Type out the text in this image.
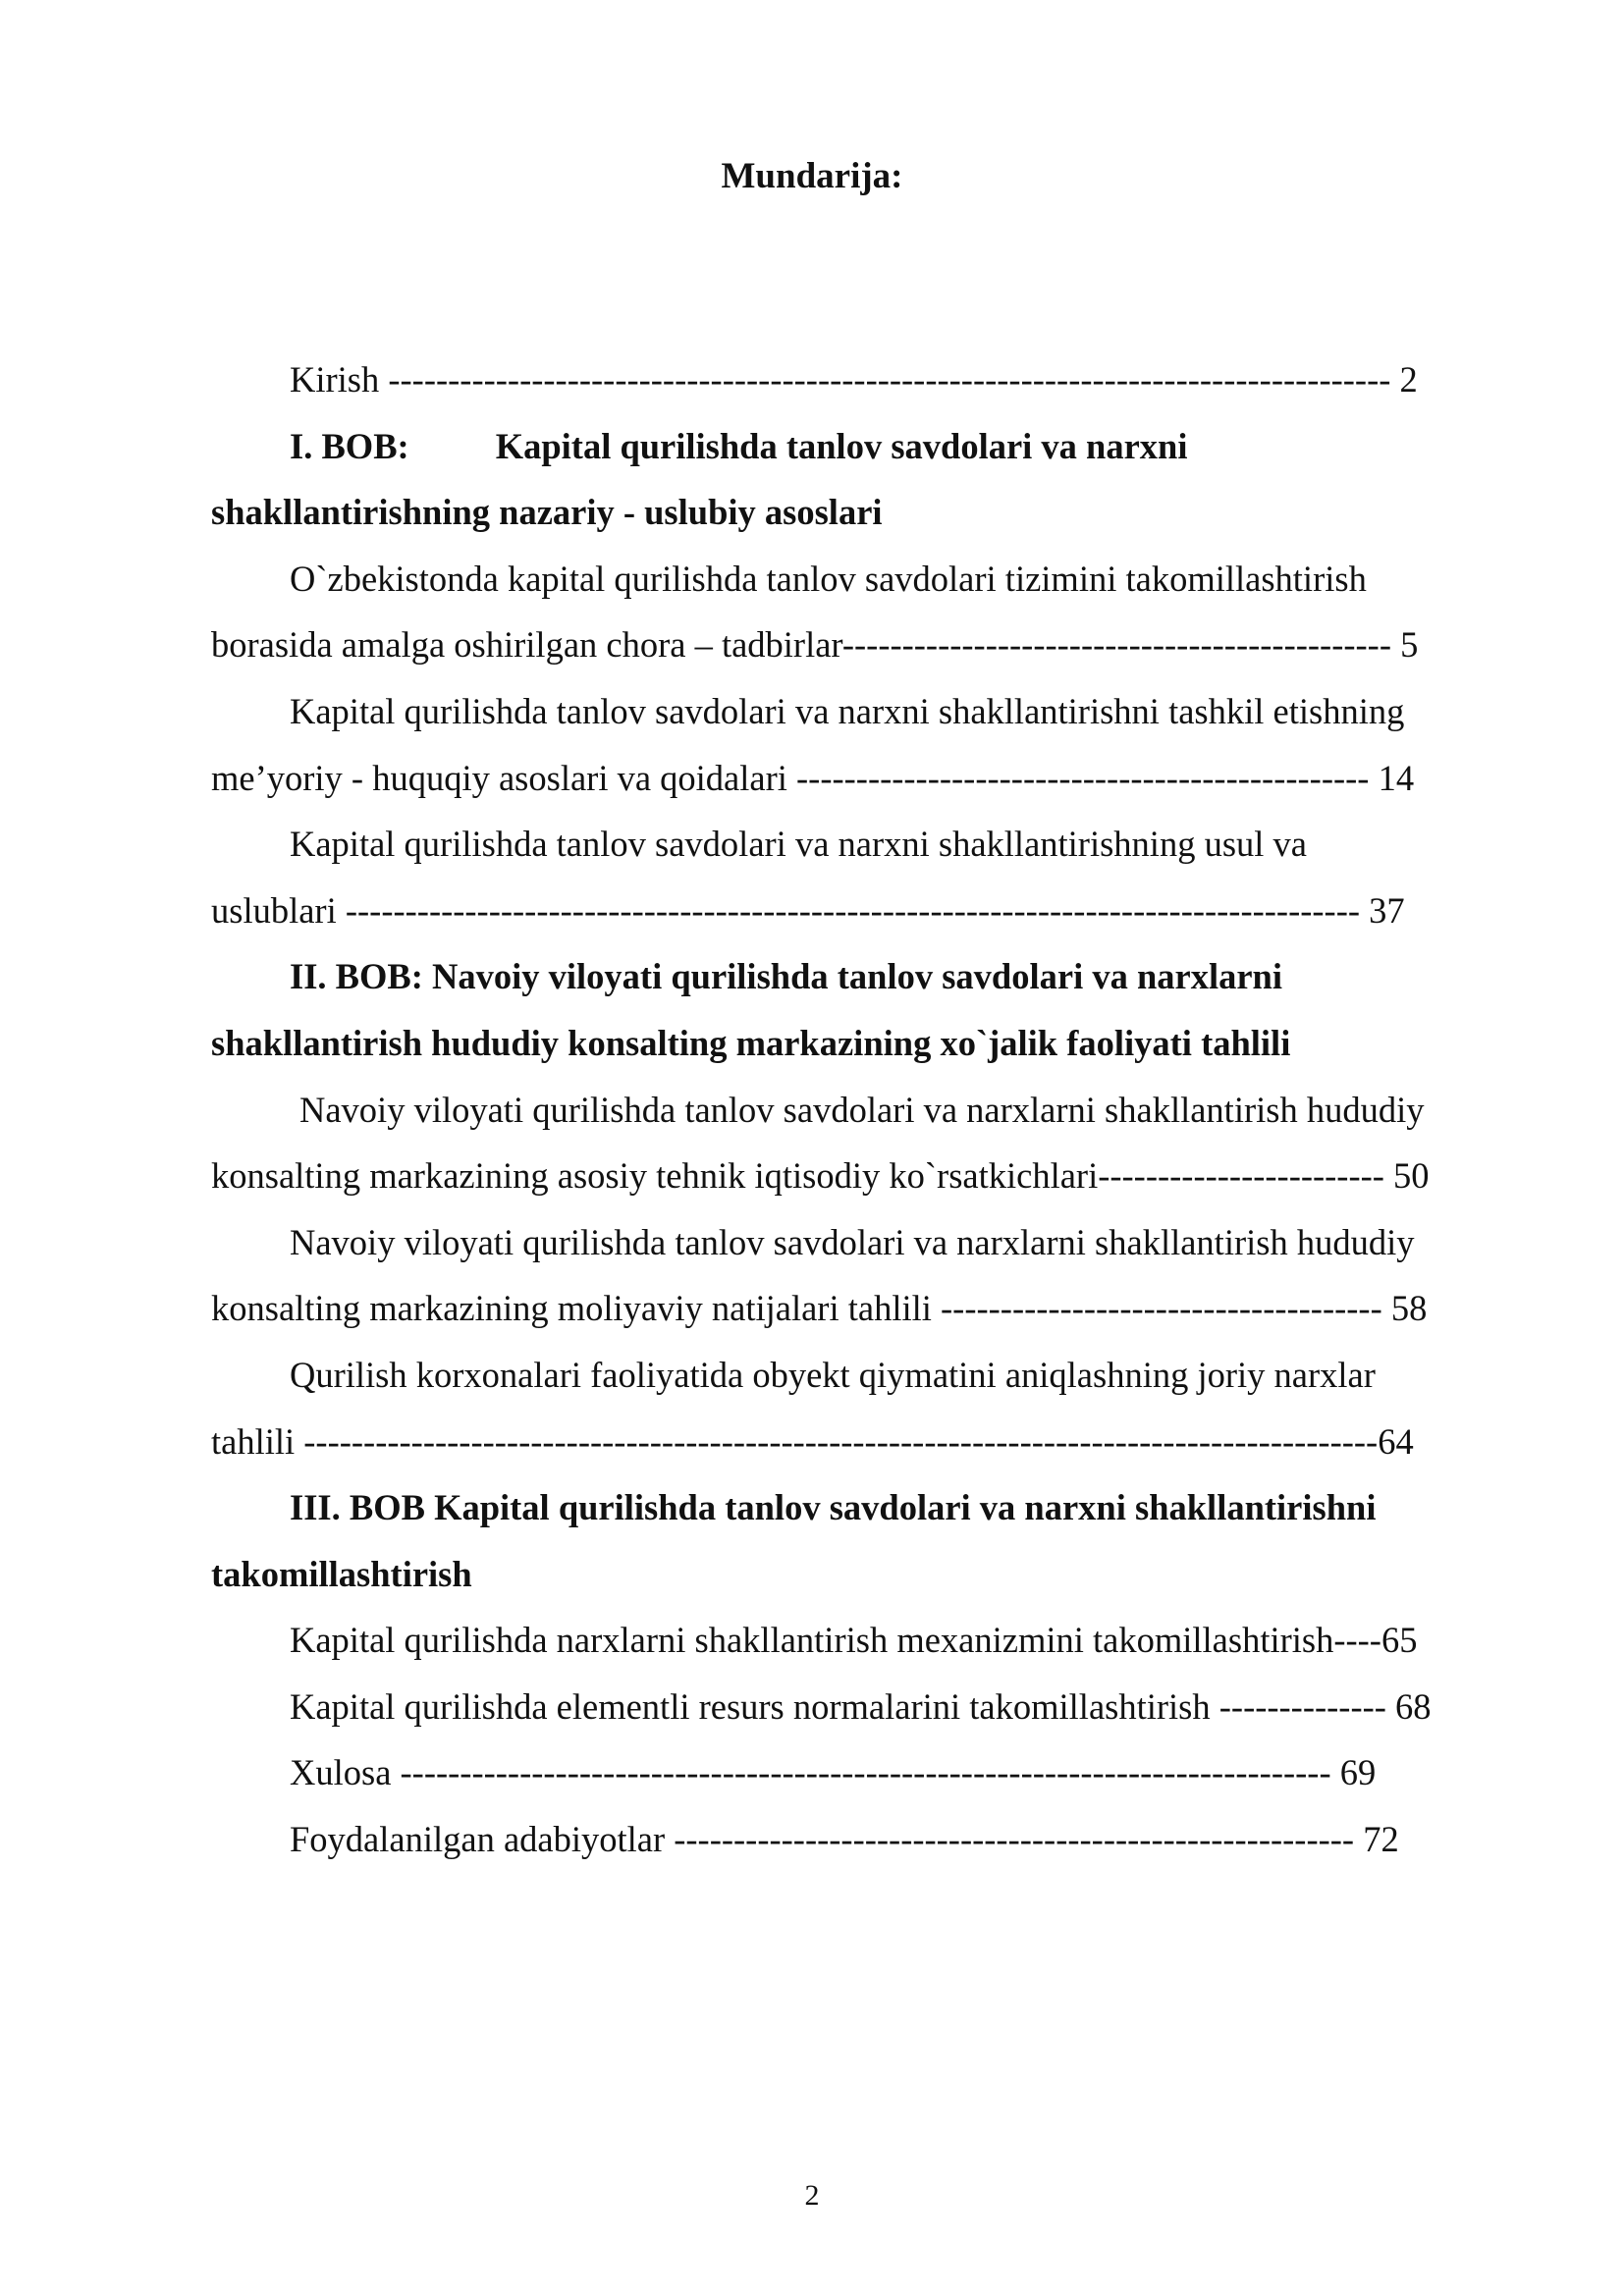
Mundarija:

Kirish ------------------------------------------------------------------------------------ 2

I. BOB: Kapital qurilishda tanlov savdolari va narxni

shakllantirishning nazariy - uslubiy asoslari

O`zbekistonda kapital qurilishda tanlov savdolari tizimini takomillashtirish

borasida amalga oshirilgan chora – tadbirlar---------------------------------------------- 5

Kapital qurilishda tanlov savdolari va narxni shakllantirishni tashkil etishning

me’yoriy - huquqiy asoslari va qoidalari ------------------------------------------------ 14

Kapital qurilishda tanlov savdolari va narxni shakllantirishning usul va

uslublari ------------------------------------------------------------------------------------- 37

II. BOB: Navoiy viloyati qurilishda tanlov savdolari va narxlarni

shakllantirish hududiy konsalting markazining xo`jalik faoliyati tahlili

Navoiy viloyati qurilishda tanlov savdolari va narxlarni shakllantirish hududiy

konsalting markazining asosiy tehnik iqtisodiy ko`rsatkichlari------------------------ 50

Navoiy viloyati qurilishda tanlov savdolari va narxlarni shakllantirish hududiy

konsalting markazining moliyaviy natijalari tahlili ------------------------------------- 58

Qurilish korxonalari faoliyatida obyekt qiymatini aniqlashning joriy narxlar

tahlili ------------------------------------------------------------------------------------------64

III. BOB Kapital qurilishda tanlov savdolari va narxni shakllantirishni

takomillashtirish

Kapital qurilishda narxlarni shakllantirish mexanizmini takomillashtirish----65

Kapital qurilishda elementli resurs normalarini takomillashtirish -------------- 68

Xulosa ------------------------------------------------------------------------------ 69

Foydalanilgan adabiyotlar --------------------------------------------------------- 72

2
